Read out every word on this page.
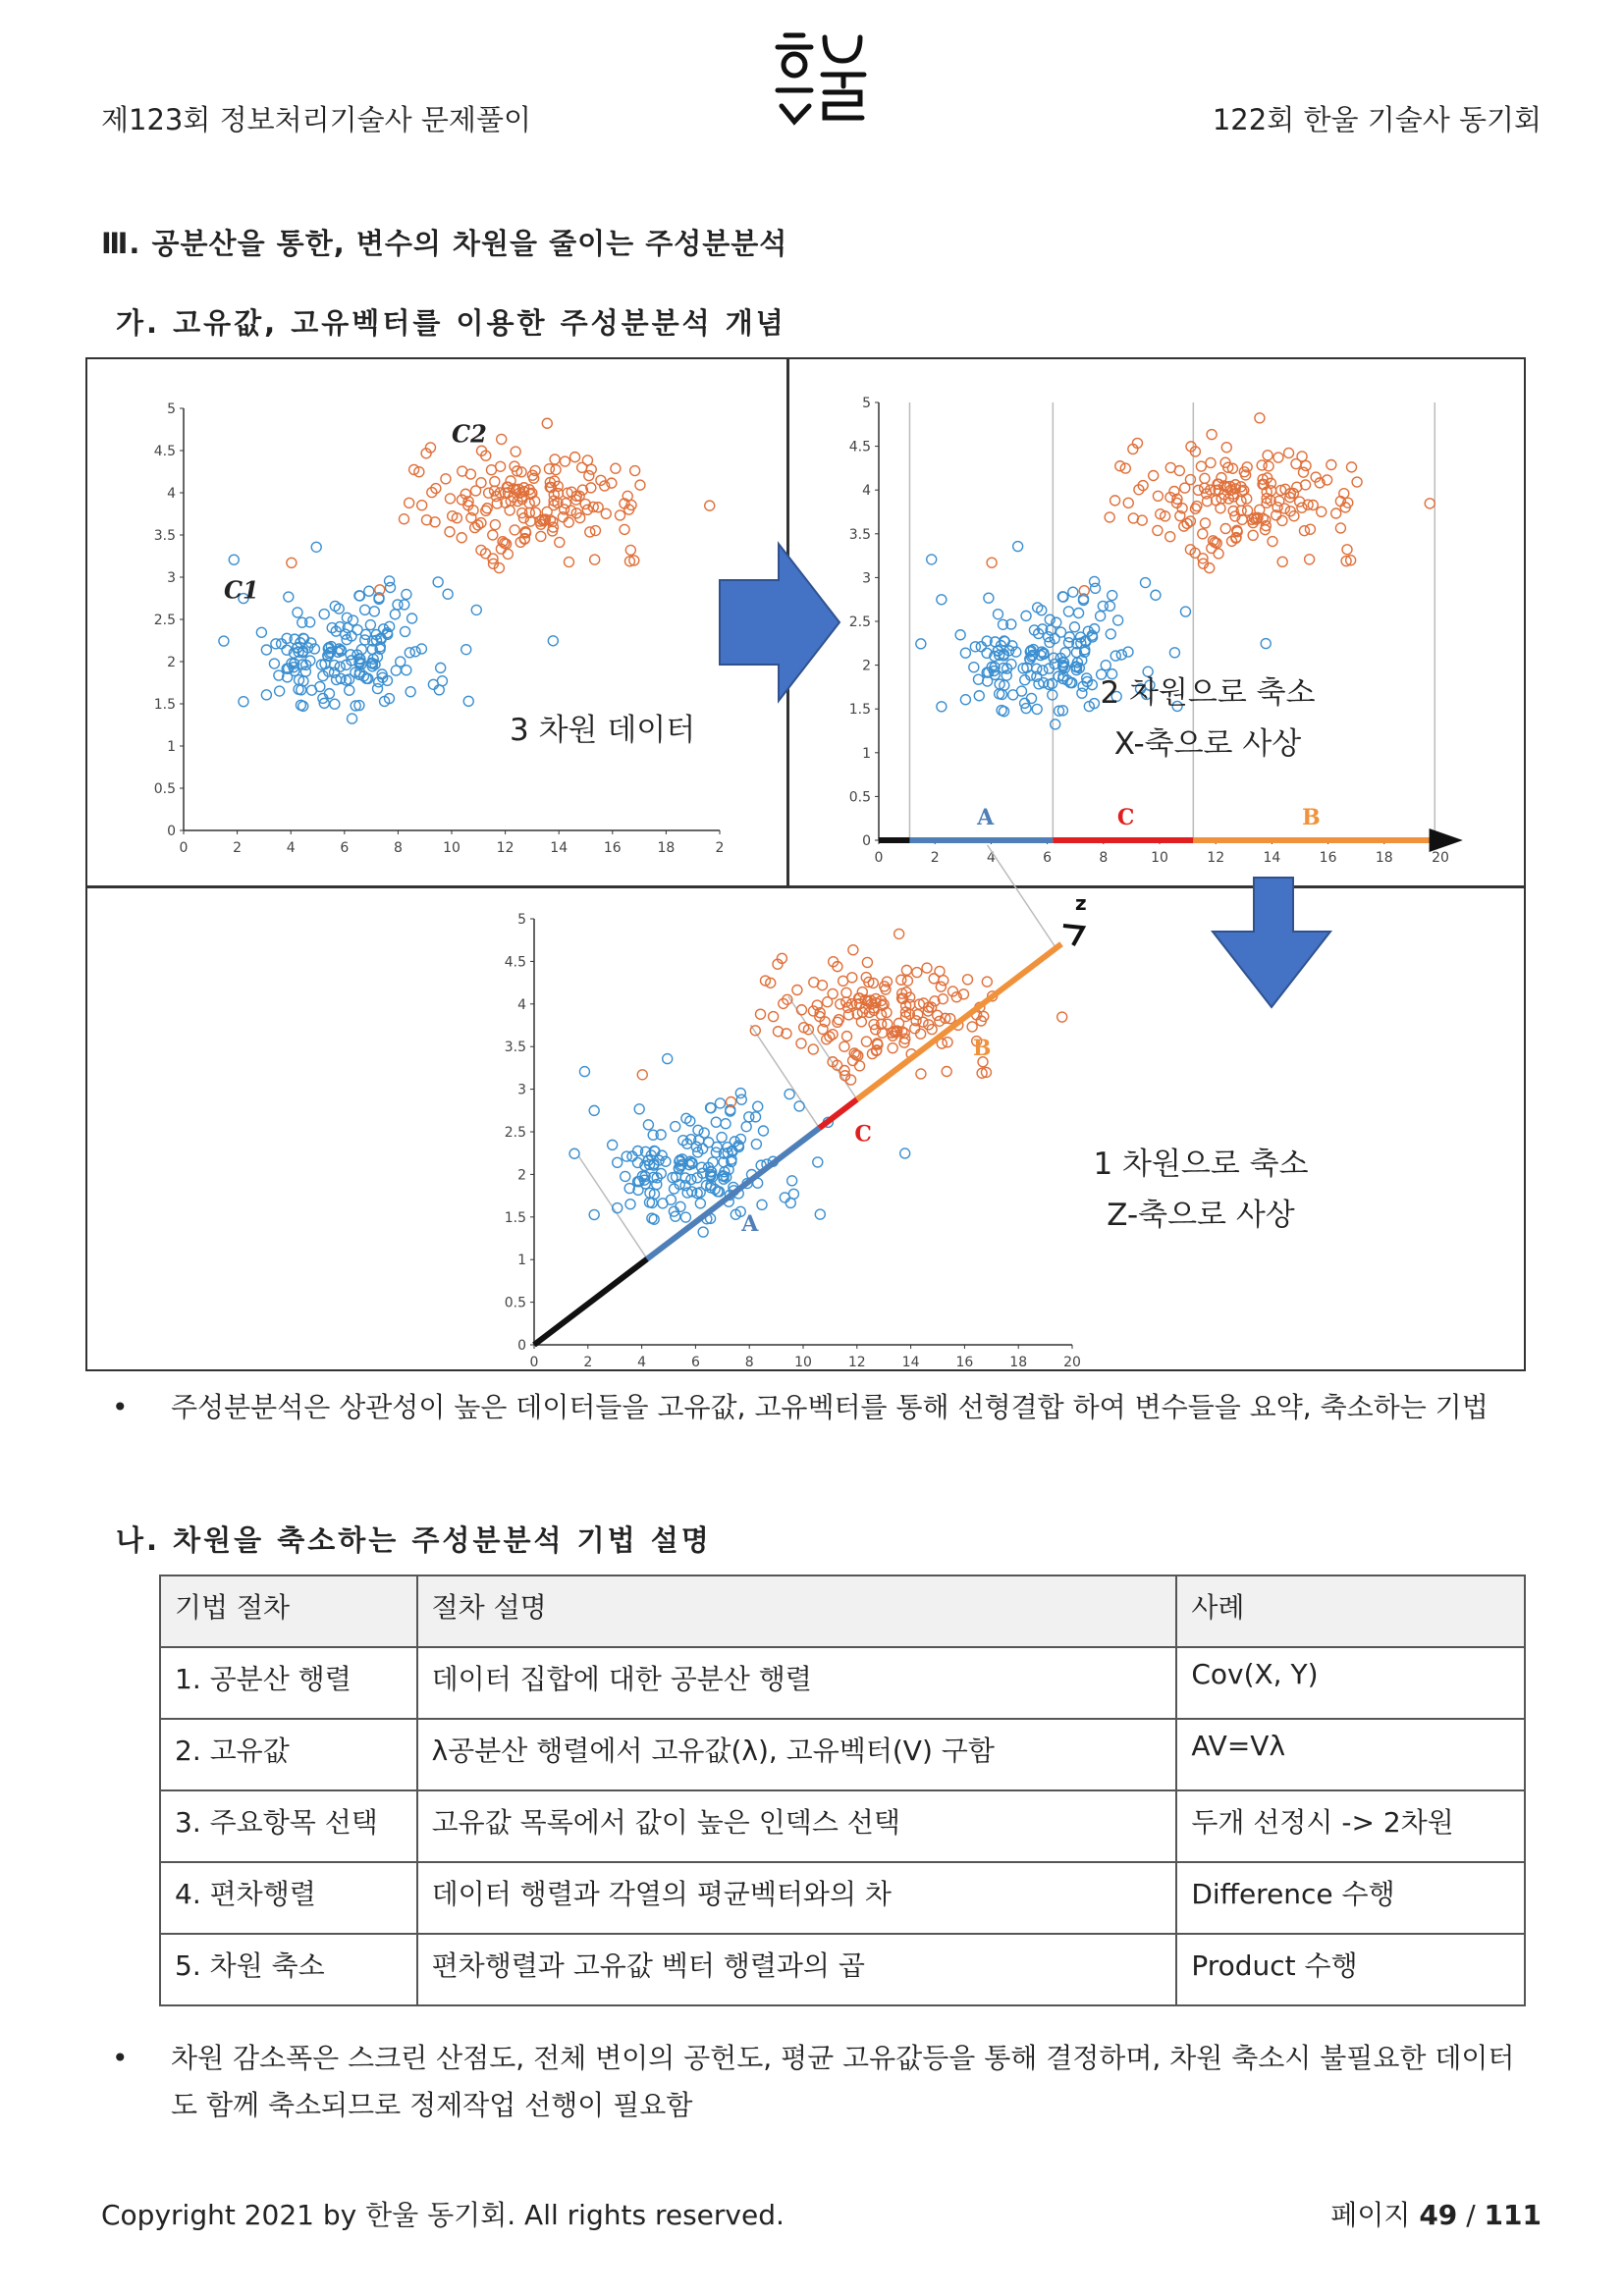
제123회 정보처리기술사 문제풀이	122회 한울 기술사 동기회
Ⅲ. 공분산을 통한, 변수의 차원을 줄이는 주성분분석
가. 고유값, 고유벡터를 이용한 주성분분석 개념
0
0.5
1
1.5
2
2.5
3
3.5
4
4.5
5
0	2	4	6	8	10	12	14	16	18	2
C1
C2
0
0.5
1
1.5
2
2.5
3
3.5
4
4.5
5
0	2	4	6	8	10	12	14	16	18	20
A	C	B
0
0.5
1
1.5
2
2.5
3
3.5
4
4.5
5
0	2	4	6	8	10	12	14	16	18	20
z
A
C
B
3 차원 데이터
2 차원으로 축소
X-축으로 사상
1 차원으로 축소
Z-축으로 사상
• 주성분분석은 상관성이 높은 데이터들을 고유값, 고유벡터를 통해 선형결합 하여 변수들을 요약, 축소하는 기법
나. 차원을 축소하는 주성분분석 기법 설명
기법 절차	절차 설명	사례
1. 공분산 행렬	데이터 집합에 대한 공분산 행렬	Cov(X, Y)
2. 고유값	λ공분산 행렬에서 고유값(λ), 고유벡터(V) 구함	AV=Vλ
3. 주요항목 선택	고유값 목록에서 값이 높은 인덱스 선택	두개 선정시 -> 2차원
4. 편차행렬	데이터 행렬과 각열의 평균벡터와의 차	Difference 수행
5. 차원 축소	편차행렬과 고유값 벡터 행렬과의 곱	Product 수행
• 차원 감소폭은 스크린 산점도, 전체 변이의 공헌도, 평균 고유값등을 통해 결정하며, 차원 축소시 불필요한 데이터도 함께 축소되므로 정제작업 선행이 필요함
Copyright 2021 by 한울 동기회. All rights reserved.	페이지 49 / 111
